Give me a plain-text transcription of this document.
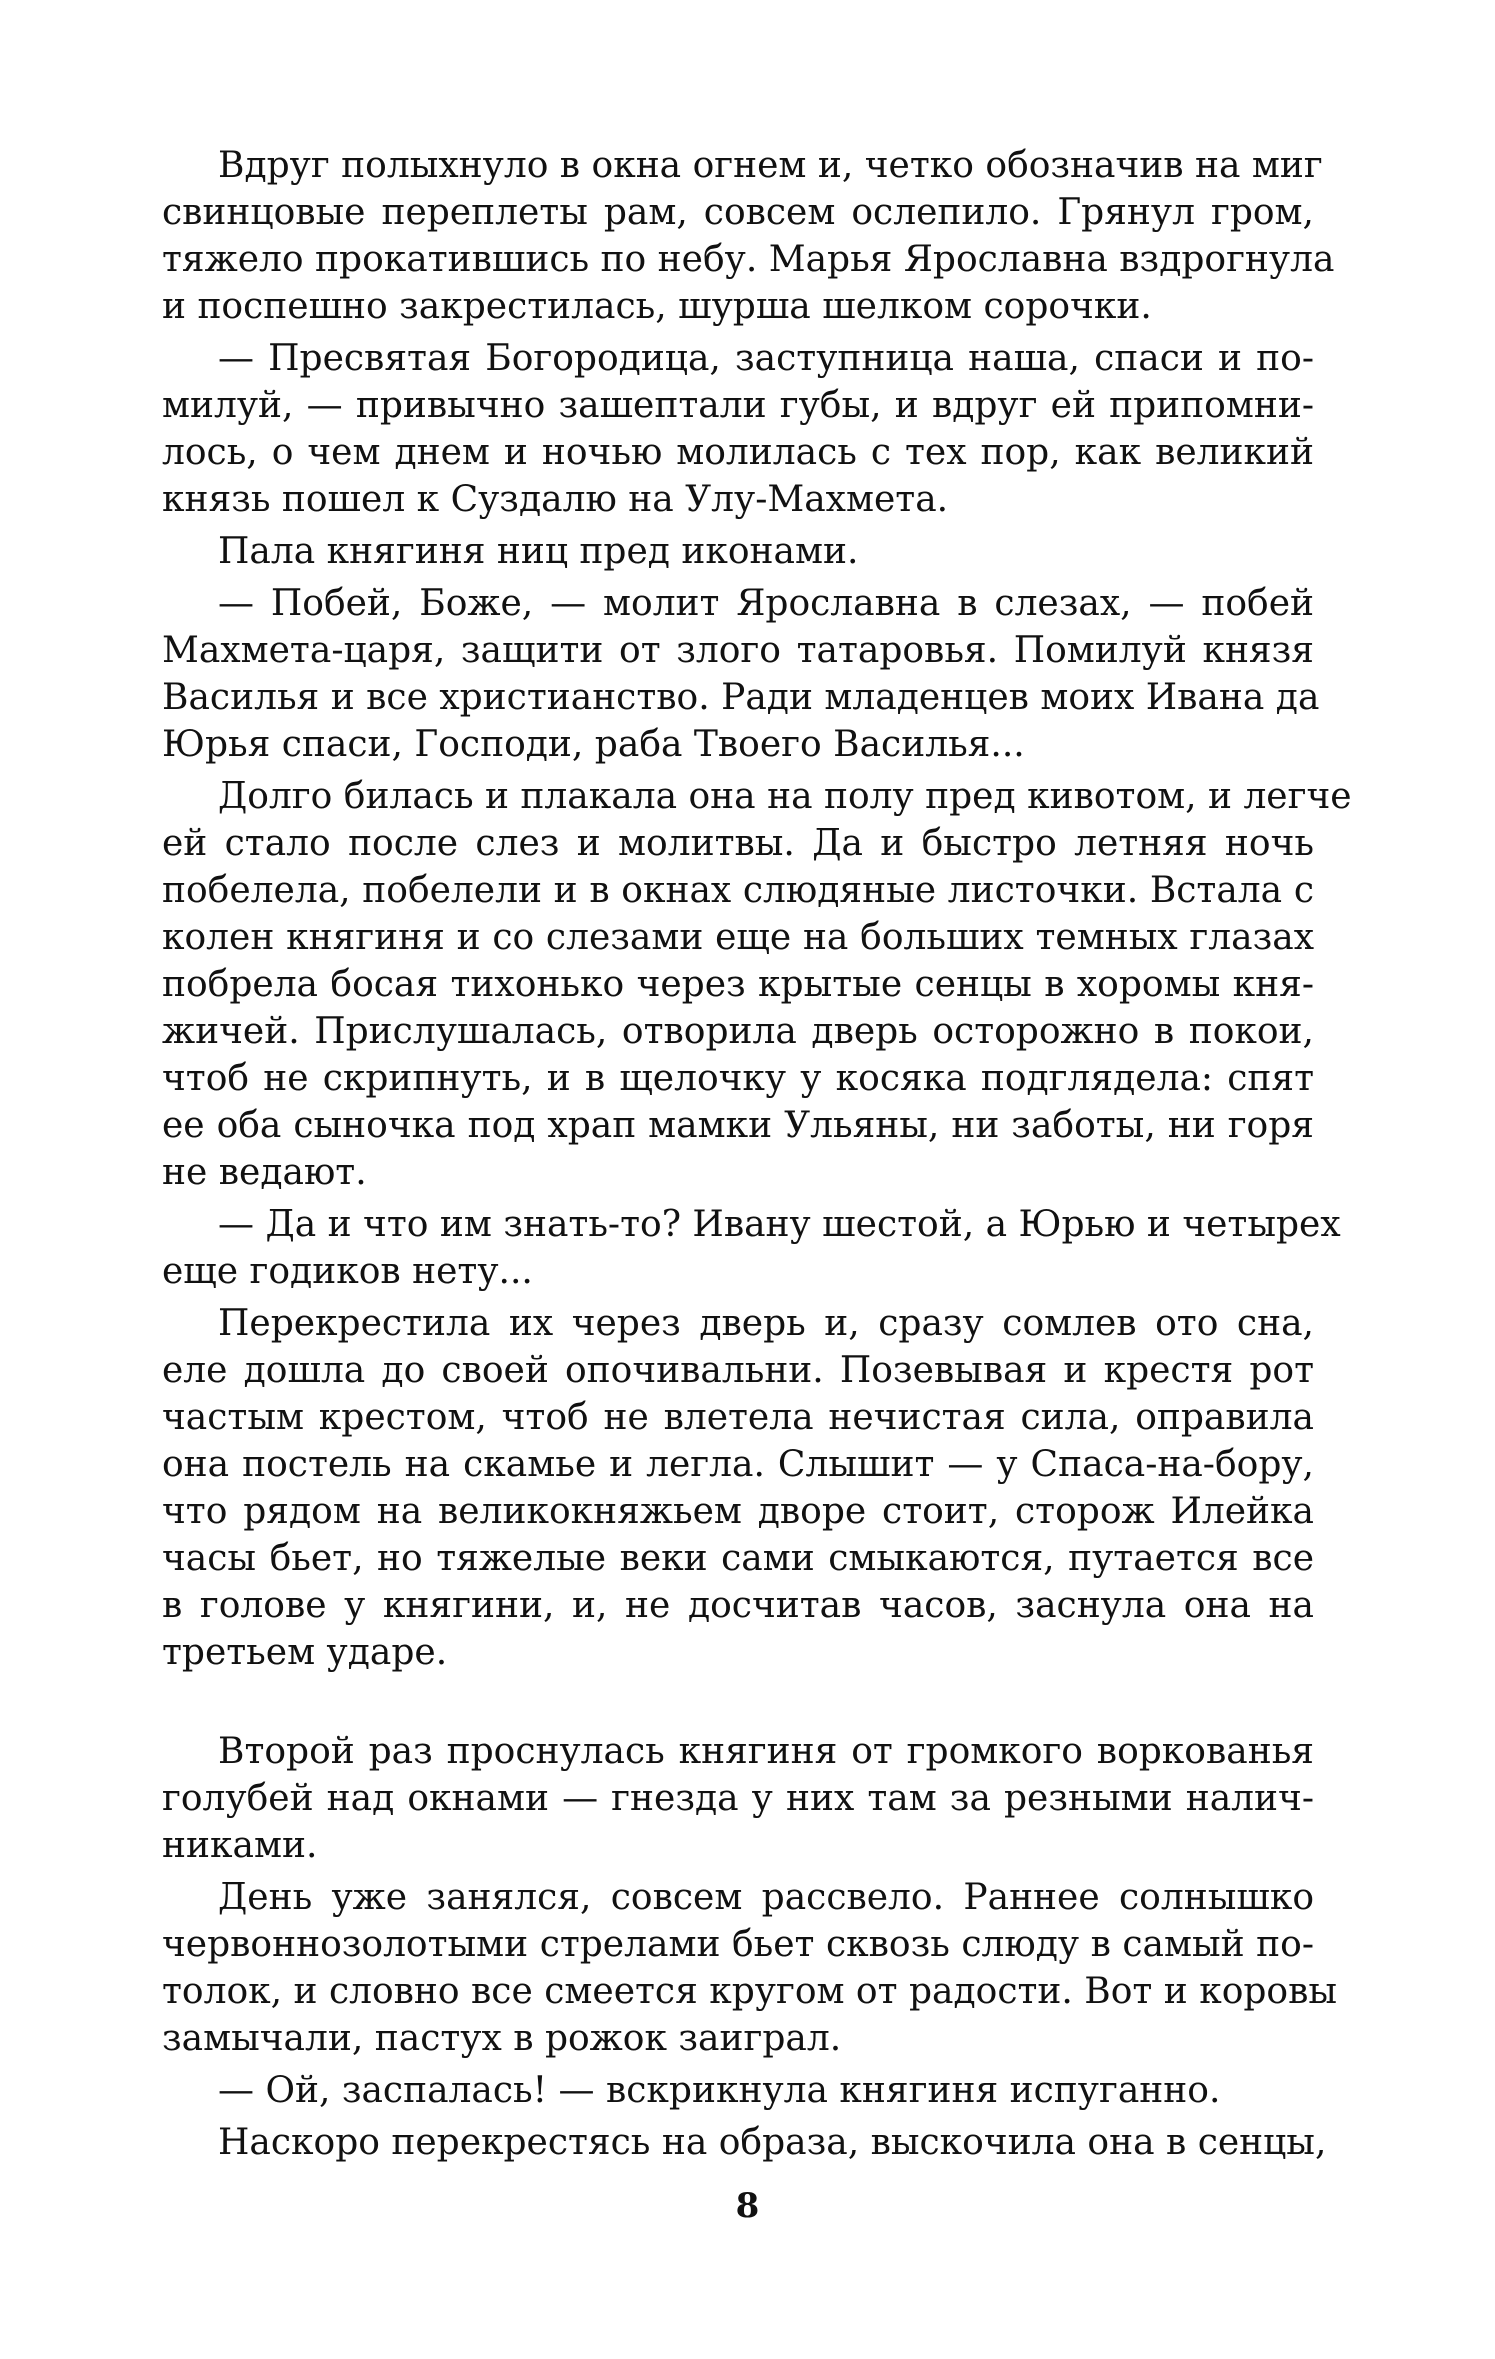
Вдруг полыхнуло в окна огнем и, четко обозначив на миг
свинцовые переплеты рам, совсем ослепило. Грянул гром,
тяжело прокатившись по небу. Марья Ярославна вздрогнула
и поспешно закрестилась, шурша шелком сорочки.
— Пресвятая Богородица, заступница наша, спаси и по-
милуй, — привычно зашептали губы, и вдруг ей припомни-
лось, о чем днем и ночью молилась с тех пор, как великий
князь пошел к Суздалю на Улу-Махмета.
Пала княгиня ниц пред иконами.
— Побей, Боже, — молит Ярославна в слезах, — побей
Махмета-царя, защити от злого татаровья. Помилуй князя
Василья и все христианство. Ради младенцев моих Ивана да
Юрья спаси, Господи, раба Твоего Василья...
Долго билась и плакала она на полу пред кивотом, и легче
ей стало после слез и молитвы. Да и быстро летняя ночь
побелела, побелели и в окнах слюдяные листочки. Встала с
колен княгиня и со слезами еще на больших темных глазах
побрела босая тихонько через крытые сенцы в хоромы кня-
жичей. Прислушалась, отворила дверь осторожно в покои,
чтоб не скрипнуть, и в щелочку у косяка подглядела: спят
ее оба сыночка под храп мамки Ульяны, ни заботы, ни горя
не ведают.
— Да и что им знать-то? Ивану шестой, а Юрью и четырех
еще годиков нету...
Перекрестила их через дверь и, сразу сомлев ото сна,
еле дошла до своей опочивальни. Позевывая и крестя рот
частым крестом, чтоб не влетела нечистая сила, оправила
она постель на скамье и легла. Слышит — у Спаса-на-бору,
что рядом на великокняжьем дворе стоит, сторож Илейка
часы бьет, но тяжелые веки сами смыкаются, путается все
в голове у княгини, и, не досчитав часов, заснула она на
третьем ударе.
Второй раз проснулась княгиня от громкого воркованья
голубей над окнами — гнезда у них там за резными налич-
никами.
День уже занялся, совсем рассвело. Раннее солнышко
червоннозолотыми стрелами бьет сквозь слюду в самый по-
толок, и словно все смеется кругом от радости. Вот и коровы
замычали, пастух в рожок заиграл.
— Ой, заспалась! — вскрикнула княгиня испуганно.
Наскоро перекрестясь на образа, выскочила она в сенцы,
8
